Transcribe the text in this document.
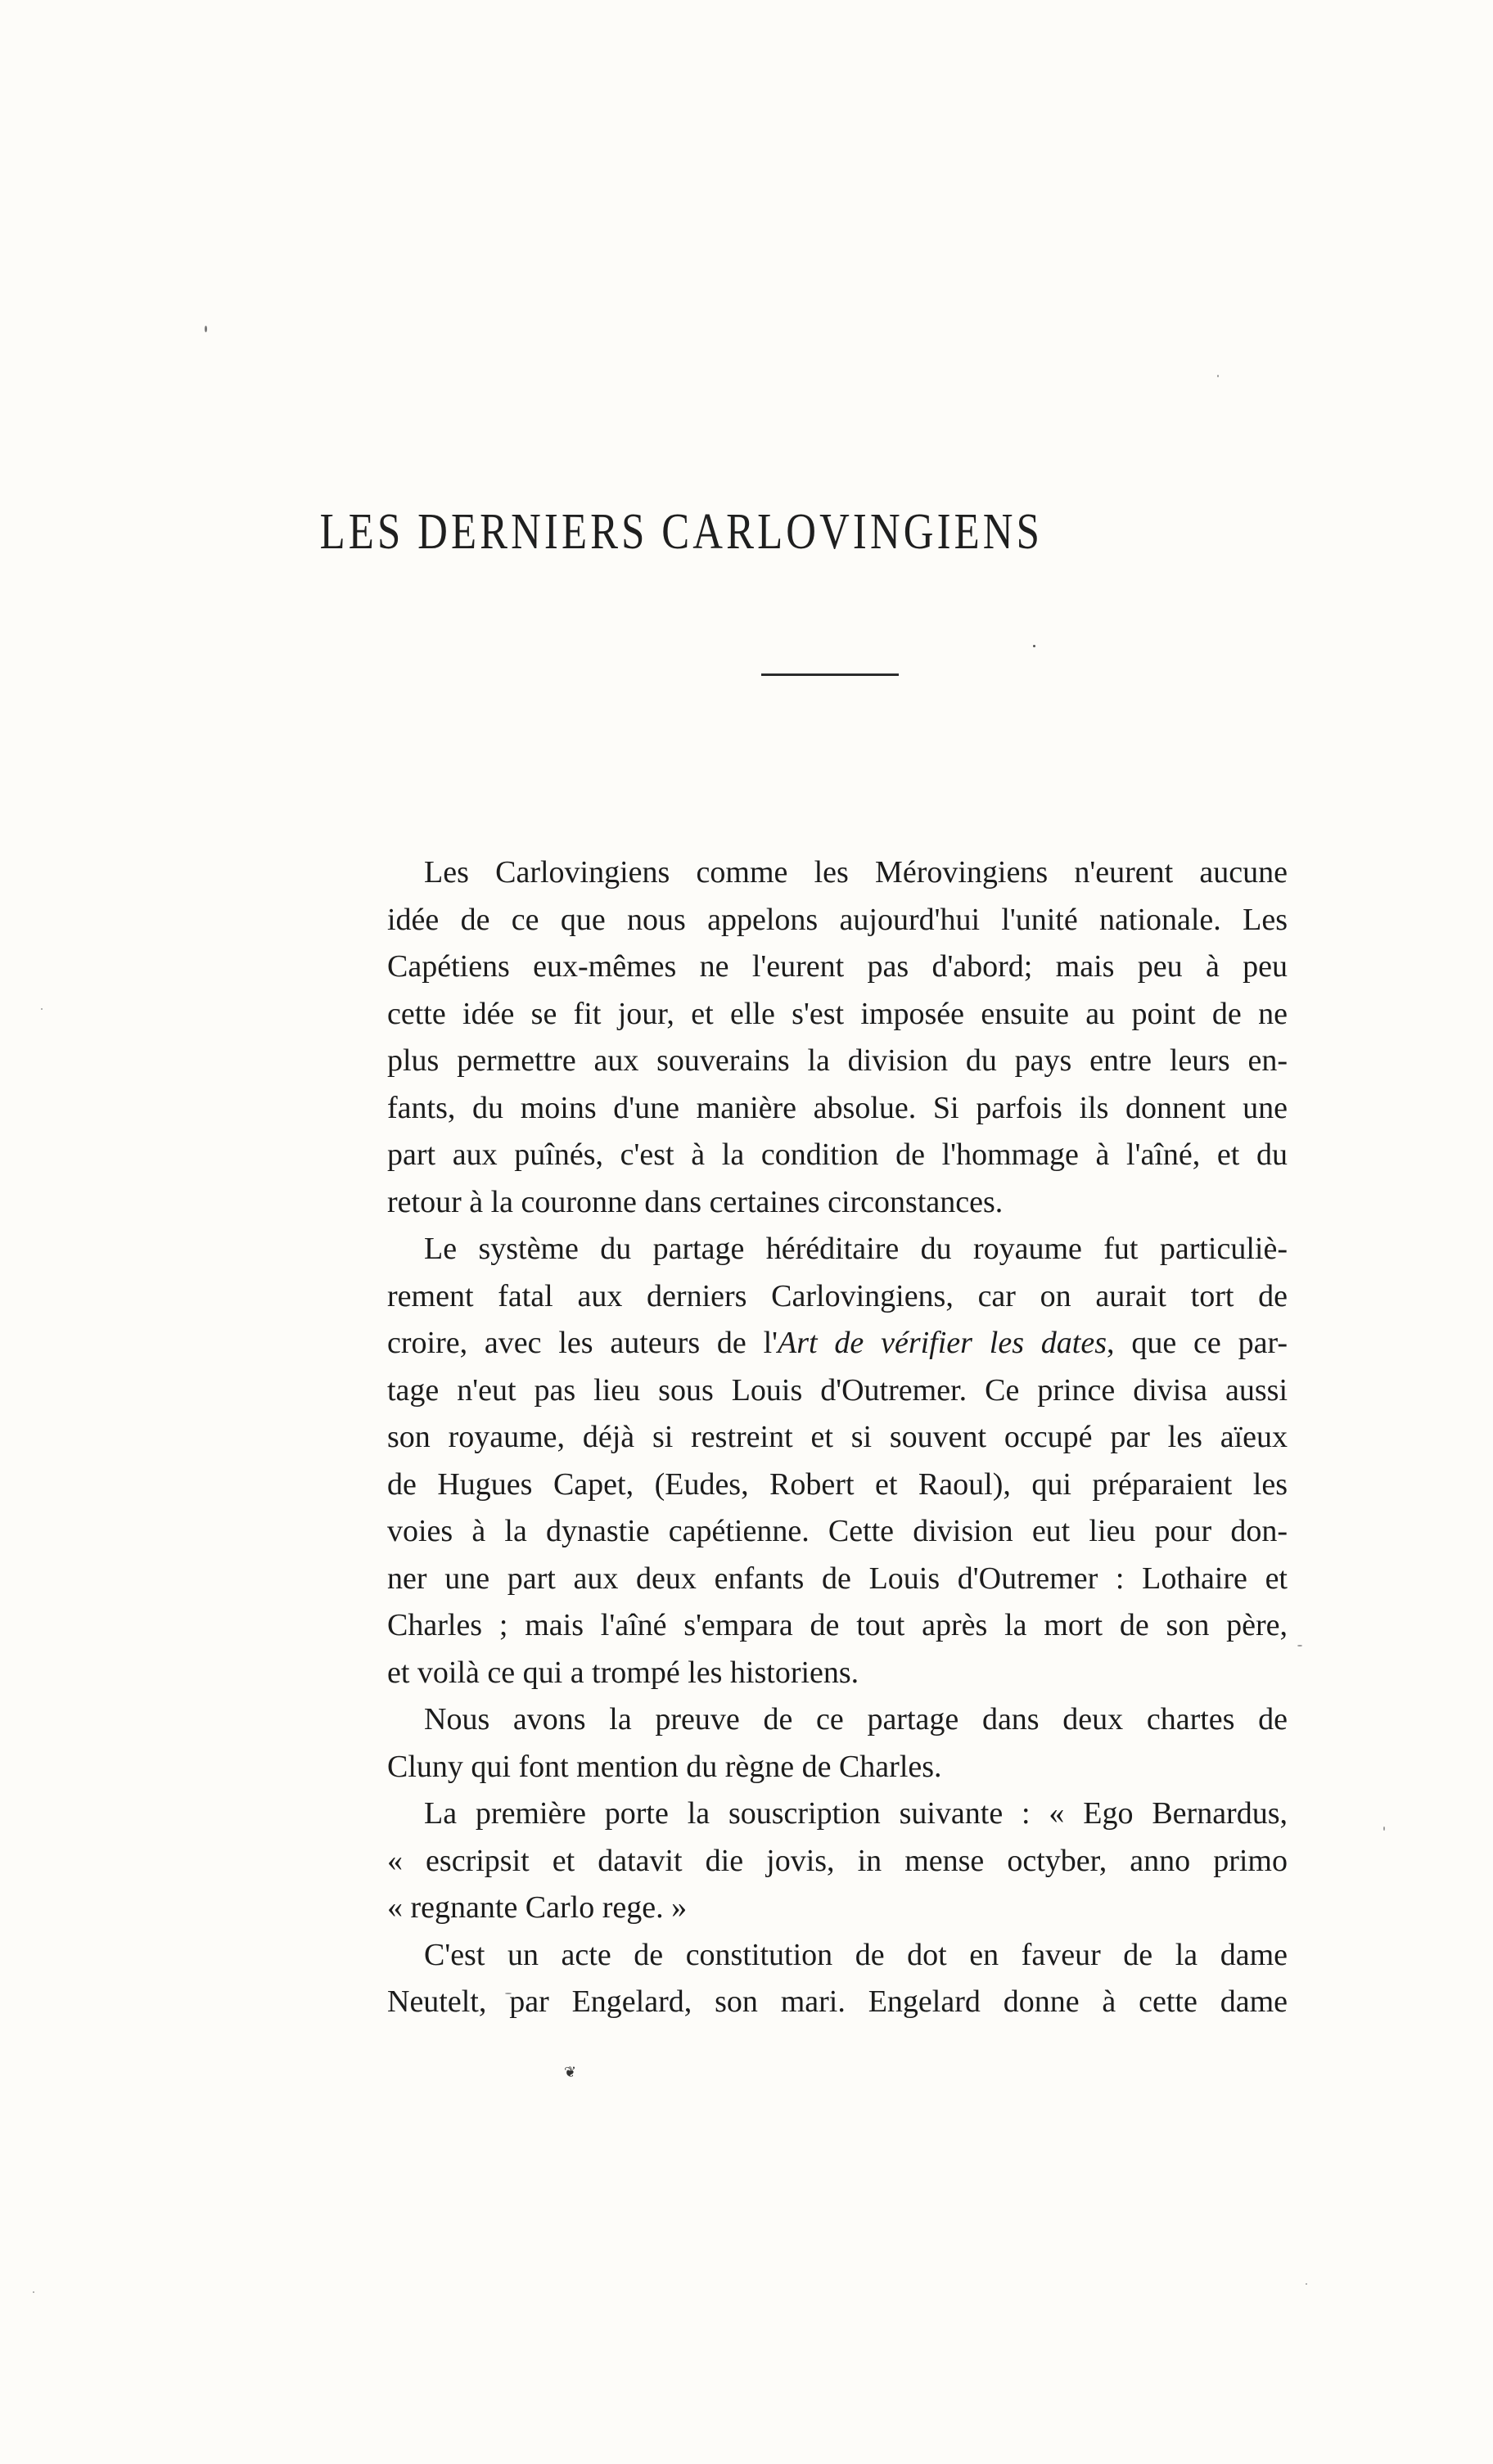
LES DERNIERS CARLOVINGIENS
Les Carlovingiens comme les Mérovingiens n'eurent aucune
idée de ce que nous appelons aujourd'hui l'unité nationale. Les
Capétiens eux-mêmes ne l'eurent pas d'abord; mais peu à peu
cette idée se fit jour, et elle s'est imposée ensuite au point de ne
plus permettre aux souverains la division du pays entre leurs en-
fants, du moins d'une manière absolue. Si parfois ils donnent une
part aux puînés, c'est à la condition de l'hommage à l'aîné, et du
retour à la couronne dans certaines circonstances.
Le système du partage héréditaire du royaume fut particuliè-
rement fatal aux derniers Carlovingiens, car on aurait tort de
croire, avec les auteurs de l'Art de vérifier les dates, que ce par-
tage n'eut pas lieu sous Louis d'Outremer. Ce prince divisa aussi
son royaume, déjà si restreint et si souvent occupé par les aïeux
de Hugues Capet, (Eudes, Robert et Raoul), qui préparaient les
voies à la dynastie capétienne. Cette division eut lieu pour don-
ner une part aux deux enfants de Louis d'Outremer : Lothaire et
Charles ; mais l'aîné s'empara de tout après la mort de son père,
et voilà ce qui a trompé les historiens.
Nous avons la preuve de ce partage dans deux chartes de
Cluny qui font mention du règne de Charles.
La première porte la souscription suivante : « Ego Bernardus,
« escripsit et datavit die jovis, in mense octyber, anno primo
« regnante Carlo rege. »
C'est un acte de constitution de dot en faveur de la dame
Neutelt, par Engelard, son mari. Engelard donne à cette dame
❦
